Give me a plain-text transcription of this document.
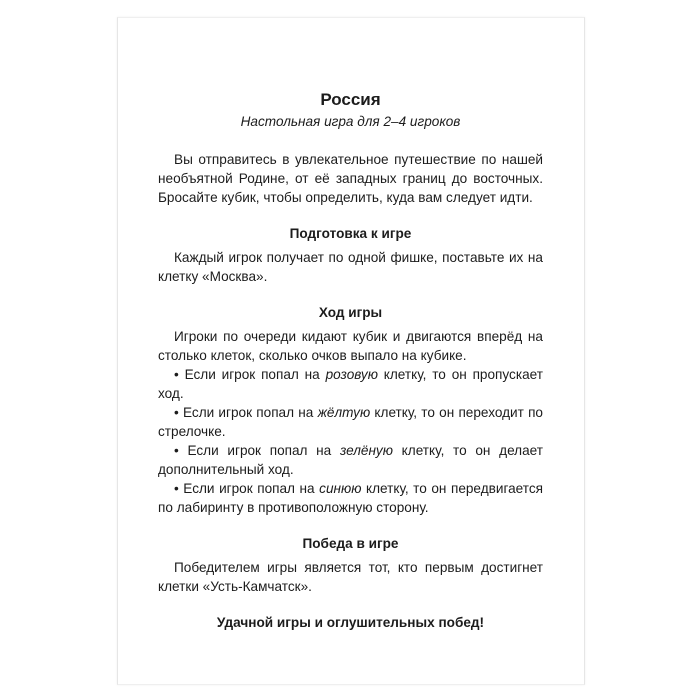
Россия

Настольная игра для 2–4 игроков

Вы отправитесь в увлекательное путешествие по нашей необъятной Родине, от её западных границ до восточных. Бросайте кубик, чтобы определить, куда вам следует идти.

Подготовка к игре

Каждый игрок получает по одной фишке, поставьте их на клетку «Москва».

Ход игры

Игроки по очереди кидают кубик и двигаются вперёд на столько клеток, сколько очков выпало на кубике.

• Если игрок попал на розовую клетку, то он пропускает ход.

• Если игрок попал на жёлтую клетку, то он переходит по стрелочке.

• Если игрок попал на зелёную клетку, то он делает дополнительный ход.

• Если игрок попал на синюю клетку, то он передвигается по лабиринту в противоположную сторону.

Победа в игре

Победителем игры является тот, кто первым достигнет клетки «Усть-Камчатск».

Удачной игры и оглушительных побед!
